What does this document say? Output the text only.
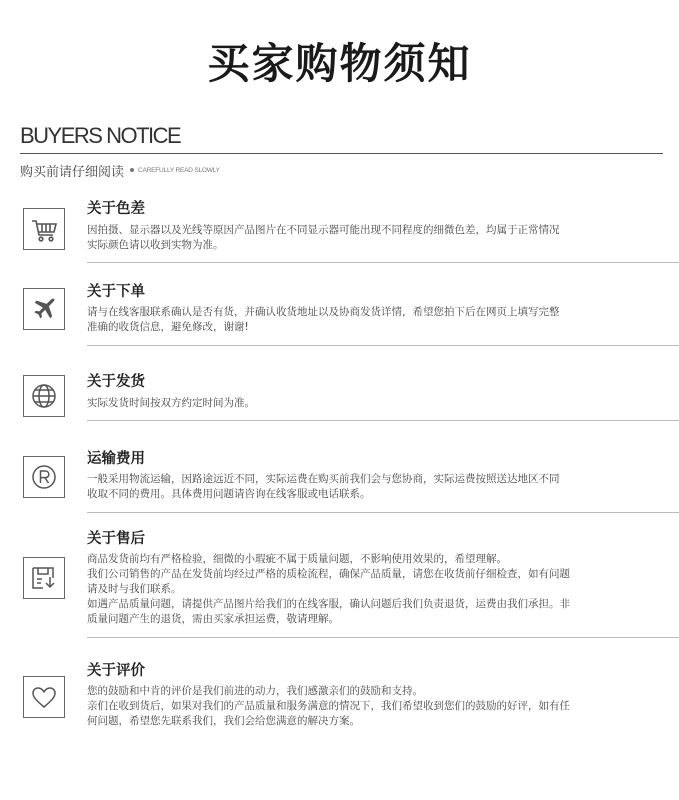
买家购物须知
BUYERS NOTICE
购买前请仔细阅读 CAREFULLY READ SLOWLY
关于色差

因拍摄、显示器以及光线等原因产品图片在不同显示器可能出现不同程度的细微色差，均属于正常情况

实际颜色请以收到实物为准。

关于下单

请与在线客服联系确认是否有货，并确认收货地址以及协商发货详情，希望您拍下后在网页上填写完整

准确的收货信息，避免修改，谢谢!

关于发货

实际发货时间按双方约定时间为准。

运输费用

一般采用物流运输，因路途远近不同，实际运费在购买前我们会与您协商，实际运费按照送达地区不同

收取不同的费用。具体费用问题请咨询在线客服或电话联系。

关于售后

商品发货前均有严格检验，细微的小瑕疵不属于质量问题，不影响使用效果的，希望理解。

我们公司销售的产品在发货前均经过严格的质检流程，确保产品质量，请您在收货前仔细检查，如有问题

请及时与我们联系。

如遇产品质量问题，请提供产品图片给我们的在线客服，确认问题后我们负责退货，运费由我们承担。非

质量问题产生的退货，需由买家承担运费，敬请理解。

关于评价

您的鼓励和中肯的评价是我们前进的动力，我们感激亲们的鼓励和支持。

亲们在收到货后，如果对我们的产品质量和服务满意的情况下，我们希望收到您们的鼓励的好评，如有任

何问题，希望您先联系我们，我们会给您满意的解决方案。
